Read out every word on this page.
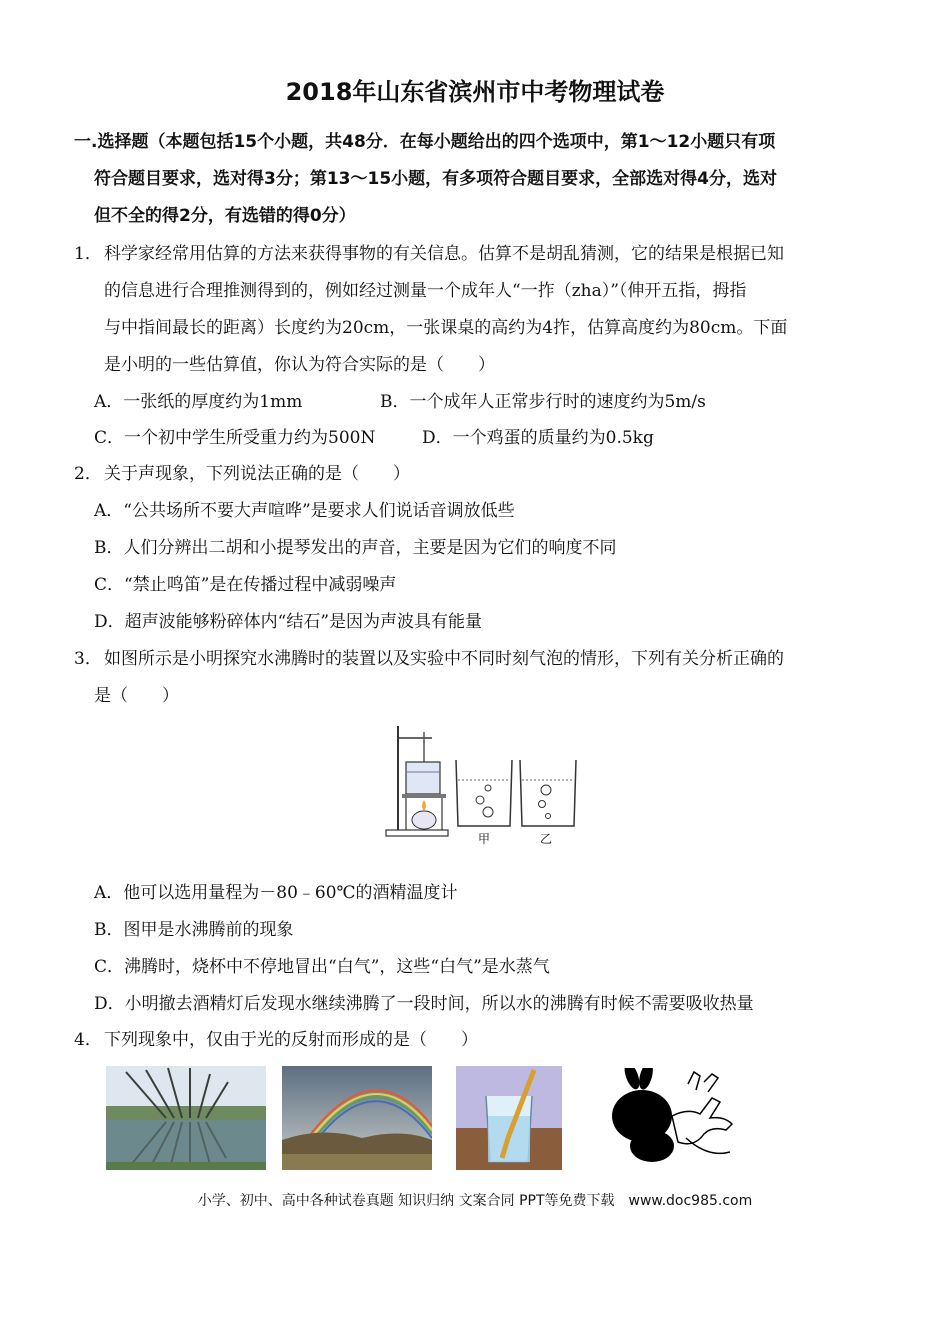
2018年山东省滨州市中考物理试卷
一.选择题（本题包括15个小题，共48分．在每小题给出的四个选项中，第1～12小题只有项
符合题目要求，选对得3分；第13～15小题，有多项符合题目要求，全部选对得4分，选对
但不全的得2分，有选错的得0分）
1． 科学家经常用估算的方法来获得事物的有关信息。估算不是胡乱猜测，它的结果是根据已知
的信息进行合理推测得到的，例如经过测量一个成年人“一拃（zha）”（伸开五指，拇指
与中指间最长的距离）长度约为20cm，一张课桌的高约为4拃，估算高度约为80cm。下面
是小明的一些估算值，你认为符合实际的是（　　）
A．一张纸的厚度约为1mm	B．一个成年人正常步行时的速度约为5m/s
C．一个初中学生所受重力约为500N	D．一个鸡蛋的质量约为0.5kg
2． 关于声现象，下列说法正确的是（　　）
A．“公共场所不要大声喧哗”是要求人们说话音调放低些
B．人们分辨出二胡和小提琴发出的声音，主要是因为它们的响度不同
C．“禁止鸣笛”是在传播过程中减弱噪声
D．超声波能够粉碎体内“结石”是因为声波具有能量
3． 如图所示是小明探究水沸腾时的装置以及实验中不同时刻气泡的情形，下列有关分析正确的
是（　　）
甲	乙
A．他可以选用量程为－80﹣60℃的酒精温度计
B．图甲是水沸腾前的现象
C．沸腾时，烧杯中不停地冒出“白气”，这些“白气”是水蒸气
D．小明撤去酒精灯后发现水继续沸腾了一段时间，所以水的沸腾有时候不需要吸收热量
4． 下列现象中，仅由于光的反射而形成的是（　　）
小学、初中、高中各种试卷真题 知识归纳 文案合同 PPT等免费下载　www.doc985.com
